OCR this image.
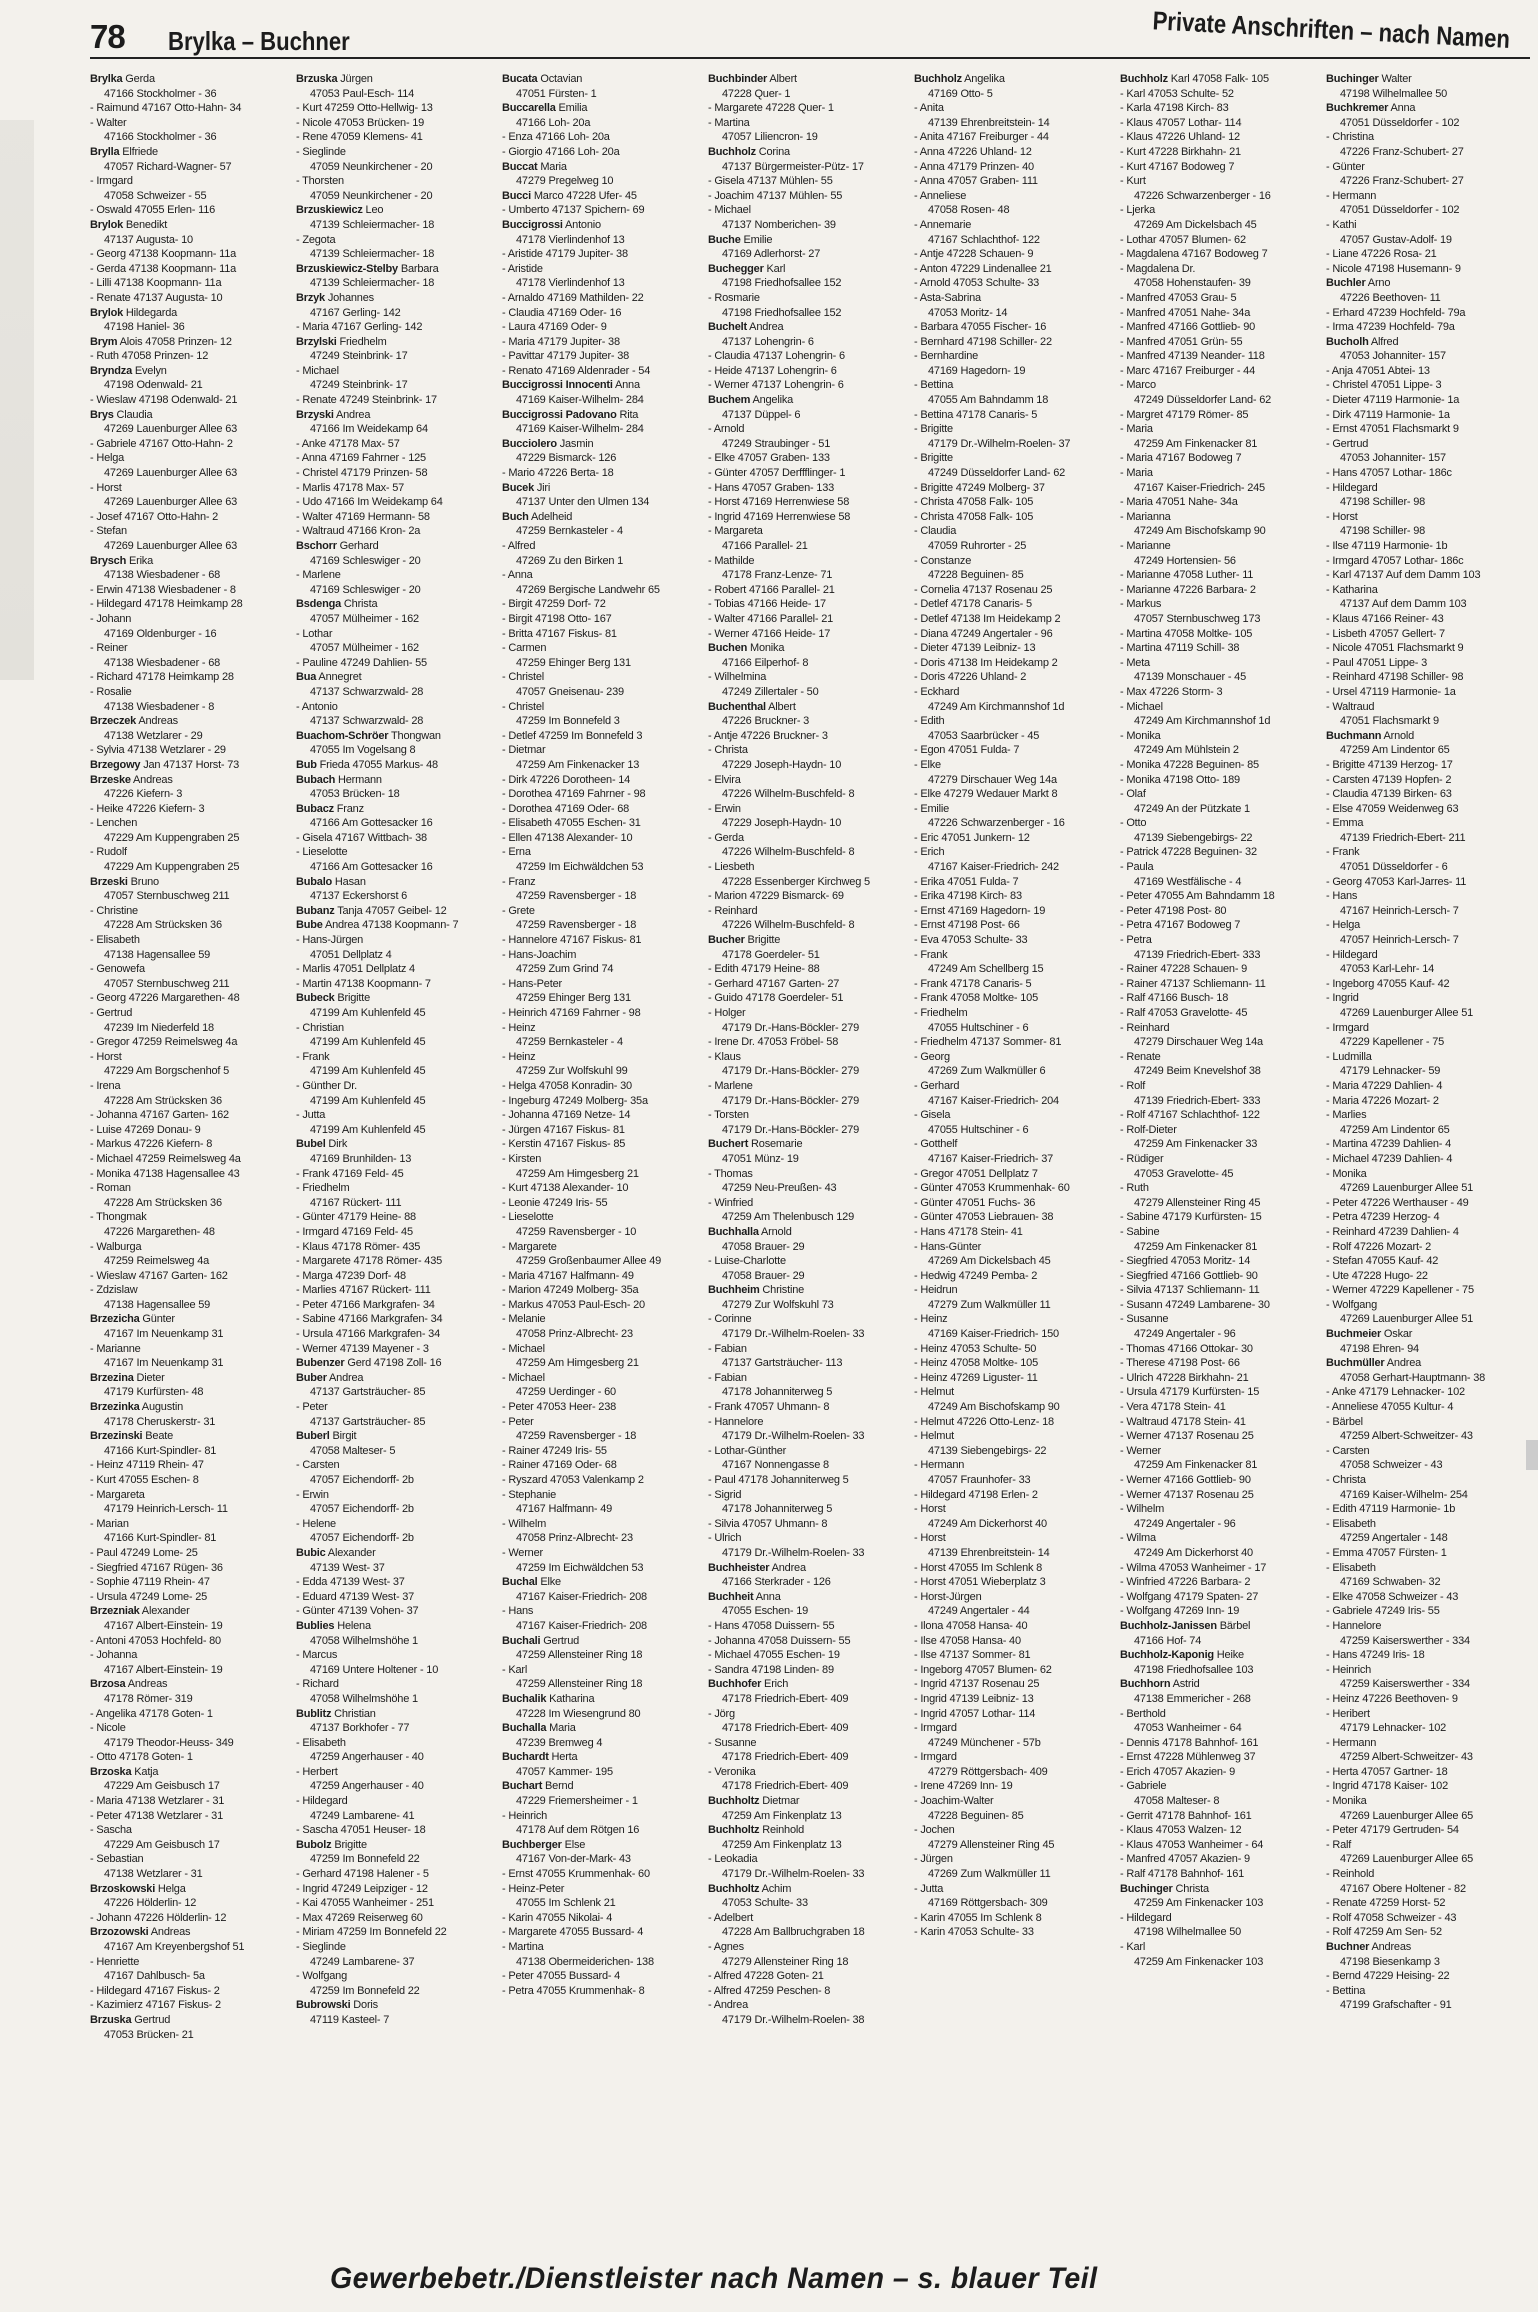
78 Brylka – Buchner	Private Anschriften – nach Namen
Brylka Gerda
47166 Stockholmer - 36
- Raimund 47167 Otto-Hahn- 34
- Walter
47166 Stockholmer - 36
Brylla Elfriede
47057 Richard-Wagner- 57
- Irmgard
47058 Schweizer - 55
- Oswald 47055 Erlen- 116
Brylok Benedikt
47137 Augusta- 10
- Georg 47138 Koopmann- 11a
- Gerda 47138 Koopmann- 11a
- Lilli 47138 Koopmann- 11a
- Renate 47137 Augusta- 10
Brylok Hildegarda
47198 Haniel- 36
Brym Alois 47058 Prinzen- 12
- Ruth 47058 Prinzen- 12
Bryndza Evelyn
47198 Odenwald- 21
- Wieslaw 47198 Odenwald- 21
Brys Claudia
47269 Lauenburger Allee 63
- Gabriele 47167 Otto-Hahn- 2
- Helga
47269 Lauenburger Allee 63
- Horst
47269 Lauenburger Allee 63
- Josef 47167 Otto-Hahn- 2
- Stefan
47269 Lauenburger Allee 63
Brysch Erika
47138 Wiesbadener - 68
- Erwin 47138 Wiesbadener - 8
- Hildegard 47178 Heimkamp 28
- Johann
47169 Oldenburger - 16
- Reiner
47138 Wiesbadener - 68
- Richard 47178 Heimkamp 28
- Rosalie
47138 Wiesbadener - 8
Brzeczek Andreas
47138 Wetzlarer - 29
- Sylvia 47138 Wetzlarer - 29
Brzegowy Jan 47137 Horst- 73
Brzeske Andreas
47226 Kiefern- 3
- Heike 47226 Kiefern- 3
- Lenchen
47229 Am Kuppengraben 25
- Rudolf
47229 Am Kuppengraben 25
Brzeski Bruno
47057 Sternbuschweg 211
- Christine
47228 Am Strücksken 36
- Elisabeth
47138 Hagensallee 59
- Genowefa
47057 Sternbuschweg 211
- Georg 47226 Margarethen- 48
- Gertrud
47239 Im Niederfeld 18
- Gregor 47259 Reimelsweg 4a
- Horst
47229 Am Borgschenhof 5
- Irena
47228 Am Strücksken 36
- Johanna 47167 Garten- 162
- Luise 47269 Donau- 9
- Markus 47226 Kiefern- 8
- Michael 47259 Reimelsweg 4a
- Monika 47138 Hagensallee 43
- Roman
47228 Am Strücksken 36
- Thongmak
47226 Margarethen- 48
- Walburga
47259 Reimelsweg 4a
- Wieslaw 47167 Garten- 162
- Zdzislaw
47138 Hagensallee 59
Brzezicha Günter
47167 Im Neuenkamp 31
- Marianne
47167 Im Neuenkamp 31
Brzezina Dieter
47179 Kurfürsten- 48
Brzezinka Augustin
47178 Cheruskerstr- 31
Brzezinski Beate
47166 Kurt-Spindler- 81
- Heinz 47119 Rhein- 47
- Kurt 47055 Eschen- 8
- Margareta
47179 Heinrich-Lersch- 11
- Marian
47166 Kurt-Spindler- 81
- Paul 47249 Lome- 25
- Siegfried 47167 Rügen- 36
- Sophie 47119 Rhein- 47
- Ursula 47249 Lome- 25
Brzezniak Alexander
47167 Albert-Einstein- 19
- Antoni 47053 Hochfeld- 80
- Johanna
47167 Albert-Einstein- 19
Brzosa Andreas
47178 Römer- 319
- Angelika 47178 Goten- 1
- Nicole
47179 Theodor-Heuss- 349
- Otto 47178 Goten- 1
Brzoska Katja
47229 Am Geisbusch 17
- Maria 47138 Wetzlarer - 31
- Peter 47138 Wetzlarer - 31
- Sascha
47229 Am Geisbusch 17
- Sebastian
47138 Wetzlarer - 31
Brzoskowski Helga
47226 Hölderlin- 12
- Johann 47226 Hölderlin- 12
Brzozowski Andreas
47167 Am Kreyenbergshof 51
- Henriette
47167 Dahlbusch- 5a
- Hildegard 47167 Fiskus- 2
- Kazimierz 47167 Fiskus- 2
Brzuska Gertrud
47053 Brücken- 21
Brzuska Jürgen
47053 Paul-Esch- 114
- Kurt 47259 Otto-Hellwig- 13
- Nicole 47053 Brücken- 19
- Rene 47059 Klemens- 41
- Sieglinde
47059 Neunkirchener - 20
- Thorsten
47059 Neunkirchener - 20
Brzuskiewicz Leo
47139 Schleiermacher- 18
- Zegota
47139 Schleiermacher- 18
Brzuskiewicz-Stelby Barbara
47139 Schleiermacher- 18
Brzyk Johannes
47167 Gerling- 142
- Maria 47167 Gerling- 142
Brzylski Friedhelm
47249 Steinbrink- 17
- Michael
47249 Steinbrink- 17
- Renate 47249 Steinbrink- 17
Brzyski Andrea
47166 Im Weidekamp 64
- Anke 47178 Max- 57
- Anna 47169 Fahrner - 125
- Christel 47179 Prinzen- 58
- Marlis 47178 Max- 57
- Udo 47166 Im Weidekamp 64
- Walter 47169 Hermann- 58
- Waltraud 47166 Kron- 2a
Bschorr Gerhard
47169 Schleswiger - 20
- Marlene
47169 Schleswiger - 20
Bsdenga Christa
47057 Mülheimer - 162
- Lothar
47057 Mülheimer - 162
- Pauline 47249 Dahlien- 55
Bua Annegret
47137 Schwarzwald- 28
- Antonio
47137 Schwarzwald- 28
Buachom-Schröer Thongwan
47055 Im Vogelsang 8
Bub Frieda 47055 Markus- 48
Bubach Hermann
47053 Brücken- 18
Bubacz Franz
47166 Am Gottesacker 16
- Gisela 47167 Wittbach- 38
- Lieselotte
47166 Am Gottesacker 16
Bubalo Hasan
47137 Eckershorst 6
Bubanz Tanja 47057 Geibel- 12
Bube Andrea 47138 Koopmann- 7
- Hans-Jürgen
47051 Dellplatz 4
- Marlis 47051 Dellplatz 4
- Martin 47138 Koopmann- 7
Bubeck Brigitte
47199 Am Kuhlenfeld 45
- Christian
47199 Am Kuhlenfeld 45
- Frank
47199 Am Kuhlenfeld 45
- Günther Dr.
47199 Am Kuhlenfeld 45
- Jutta
47199 Am Kuhlenfeld 45
Bubel Dirk
47169 Brunhilden- 13
- Frank 47169 Feld- 45
- Friedhelm
47167 Rückert- 111
- Günter 47179 Heine- 88
- Irmgard 47169 Feld- 45
- Klaus 47178 Römer- 435
- Margarete 47178 Römer- 435
- Marga 47239 Dorf- 48
- Marlies 47167 Rückert- 111
- Peter 47166 Markgrafen- 34
- Sabine 47166 Markgrafen- 34
- Ursula 47166 Markgrafen- 34
- Werner 47139 Mayener - 3
Bubenzer Gerd 47198 Zoll- 16
Buber Andrea
47137 Gartsträucher- 85
- Peter
47137 Gartsträucher- 85
Buberl Birgit
47058 Malteser- 5
- Carsten
47057 Eichendorff- 2b
- Erwin
47057 Eichendorff- 2b
- Helene
47057 Eichendorff- 2b
Bubic Alexander
47139 West- 37
- Edda 47139 West- 37
- Eduard 47139 West- 37
- Günter 47139 Vohen- 37
Bublies Helena
47058 Wilhelmshöhe 1
- Marcus
47169 Untere Holtener - 10
- Richard
47058 Wilhelmshöhe 1
Bublitz Christian
47137 Borkhofer - 77
- Elisabeth
47259 Angerhauser - 40
- Herbert
47259 Angerhauser - 40
- Hildegard
47249 Lambarene- 41
- Sascha 47051 Heuser- 18
Bubolz Brigitte
47259 Im Bonnefeld 22
- Gerhard 47198 Halener - 5
- Ingrid 47249 Leipziger - 12
- Kai 47055 Wanheimer - 251
- Max 47269 Reiserweg 60
- Miriam 47259 Im Bonnefeld 22
- Sieglinde
47249 Lambarene- 37
- Wolfgang
47259 Im Bonnefeld 22
Bubrowski Doris
47119 Kasteel- 7
Bucata Octavian
47051 Fürsten- 1
Buccarella Emilia
47166 Loh- 20a
- Enza 47166 Loh- 20a
- Giorgio 47166 Loh- 20a
Buccat Maria
47279 Pregelweg 10
Bucci Marco 47228 Ufer- 45
- Umberto 47137 Spichern- 69
Buccigrossi Antonio
47178 Vierlindenhof 13
- Aristide 47179 Jupiter- 38
- Aristide
47178 Vierlindenhof 13
- Arnaldo 47169 Mathilden- 22
- Claudia 47169 Oder- 16
- Laura 47169 Oder- 9
- Maria 47179 Jupiter- 38
- Pavittar 47179 Jupiter- 38
- Renato 47169 Aldenrader - 54
Buccigrossi Innocenti Anna
47169 Kaiser-Wilhelm- 284
Buccigrossi Padovano Rita
47169 Kaiser-Wilhelm- 284
Bucciolero Jasmin
47229 Bismarck- 126
- Mario 47226 Berta- 18
Bucek Jiri
47137 Unter den Ulmen 134
Buch Adelheid
47259 Bernkasteler - 4
- Alfred
47269 Zu den Birken 1
- Anna
47269 Bergische Landwehr 65
- Birgit 47259 Dorf- 72
- Birgit 47198 Otto- 167
- Britta 47167 Fiskus- 81
- Carmen
47259 Ehinger Berg 131
- Christel
47057 Gneisenau- 239
- Christel
47259 Im Bonnefeld 3
- Detlef 47259 Im Bonnefeld 3
- Dietmar
47259 Am Finkenacker 13
- Dirk 47226 Dorotheen- 14
- Dorothea 47169 Fahrner - 98
- Dorothea 47169 Oder- 68
- Elisabeth 47055 Eschen- 31
- Ellen 47138 Alexander- 10
- Erna
47259 Im Eichwäldchen 53
- Franz
47259 Ravensberger - 18
- Grete
47259 Ravensberger - 18
- Hannelore 47167 Fiskus- 81
- Hans-Joachim
47259 Zum Grind 74
- Hans-Peter
47259 Ehinger Berg 131
- Heinrich 47169 Fahrner - 98
- Heinz
47259 Bernkasteler - 4
- Heinz
47259 Zur Wolfskuhl 99
- Helga 47058 Konradin- 30
- Ingeburg 47249 Molberg- 35a
- Johanna 47169 Netze- 14
- Jürgen 47167 Fiskus- 81
- Kerstin 47167 Fiskus- 85
- Kirsten
47259 Am Himgesberg 21
- Kurt 47138 Alexander- 10
- Leonie 47249 Iris- 55
- Lieselotte
47259 Ravensberger - 10
- Margarete
47259 Großenbaumer Allee 49
- Maria 47167 Halfmann- 49
- Marion 47249 Molberg- 35a
- Markus 47053 Paul-Esch- 20
- Melanie
47058 Prinz-Albrecht- 23
- Michael
47259 Am Himgesberg 21
- Michael
47259 Uerdinger - 60
- Peter 47053 Heer- 238
- Peter
47259 Ravensberger - 18
- Rainer 47249 Iris- 55
- Rainer 47169 Oder- 68
- Ryszard 47053 Valenkamp 2
- Stephanie
47167 Halfmann- 49
- Wilhelm
47058 Prinz-Albrecht- 23
- Werner
47259 Im Eichwäldchen 53
Buchal Elke
47167 Kaiser-Friedrich- 208
- Hans
47167 Kaiser-Friedrich- 208
Buchali Gertrud
47259 Allensteiner Ring 18
- Karl
47259 Allensteiner Ring 18
Buchalik Katharina
47228 Im Wiesengrund 80
Buchalla Maria
47239 Bremweg 4
Buchardt Herta
47057 Kammer- 195
Buchart Bernd
47229 Friemersheimer - 1
- Heinrich
47178 Auf dem Rötgen 16
Buchberger Else
47167 Von-der-Mark- 43
- Ernst 47055 Krummenhak- 60
- Heinz-Peter
47055 Im Schlenk 21
- Karin 47055 Nikolai- 4
- Margarete 47055 Bussard- 4
- Martina
47138 Obermeiderichen- 138
- Peter 47055 Bussard- 4
- Petra 47055 Krummenhak- 8
Buchbinder Albert
47228 Quer- 1
- Margarete 47228 Quer- 1
- Martina
47057 Liliencron- 19
Buchholz Corina
47137 Bürgermeister-Pütz- 17
- Gisela 47137 Mühlen- 55
- Joachim 47137 Mühlen- 55
- Michael
47137 Nomberichen- 39
Buche Emilie
47169 Adlerhorst- 27
Buchegger Karl
47198 Friedhofsallee 152
- Rosmarie
47198 Friedhofsallee 152
Buchelt Andrea
47137 Lohengrin- 6
- Claudia 47137 Lohengrin- 6
- Heide 47137 Lohengrin- 6
- Werner 47137 Lohengrin- 6
Buchem Angelika
47137 Düppel- 6
- Arnold
47249 Straubinger - 51
- Elke 47057 Graben- 133
- Günter 47057 Derffflinger- 1
- Hans 47057 Graben- 133
- Horst 47169 Herrenwiese 58
- Ingrid 47169 Herrenwiese 58
- Margareta
47166 Parallel- 21
- Mathilde
47178 Franz-Lenze- 71
- Robert 47166 Parallel- 21
- Tobias 47166 Heide- 17
- Walter 47166 Parallel- 21
- Werner 47166 Heide- 17
Buchen Monika
47166 Eilperhof- 8
- Wilhelmina
47249 Zillertaler - 50
Buchenthal Albert
47226 Bruckner- 3
- Antje 47226 Bruckner- 3
- Christa
47229 Joseph-Haydn- 10
- Elvira
47226 Wilhelm-Buschfeld- 8
- Erwin
47229 Joseph-Haydn- 10
- Gerda
47226 Wilhelm-Buschfeld- 8
- Liesbeth
47228 Essenberger Kirchweg 5
- Marion 47229 Bismarck- 69
- Reinhard
47226 Wilhelm-Buschfeld- 8
Bucher Brigitte
47178 Goerdeler- 51
- Edith 47179 Heine- 88
- Gerhard 47167 Garten- 27
- Guido 47178 Goerdeler- 51
- Holger
47179 Dr.-Hans-Böckler- 279
- Irene Dr. 47053 Fröbel- 58
- Klaus
47179 Dr.-Hans-Böckler- 279
- Marlene
47179 Dr.-Hans-Böckler- 279
- Torsten
47179 Dr.-Hans-Böckler- 279
Buchert Rosemarie
47051 Münz- 19
- Thomas
47259 Neu-Preußen- 43
- Winfried
47259 Am Thelenbusch 129
Buchhalla Arnold
47058 Brauer- 29
- Luise-Charlotte
47058 Brauer- 29
Buchheim Christine
47279 Zur Wolfskuhl 73
- Corinne
47179 Dr.-Wilhelm-Roelen- 33
- Fabian
47137 Gartsträucher- 113
- Fabian
47178 Johanniterweg 5
- Frank 47057 Uhmann- 8
- Hannelore
47179 Dr.-Wilhelm-Roelen- 33
- Lothar-Günther
47167 Nonnengasse 8
- Paul 47178 Johanniterweg 5
- Sigrid
47178 Johanniterweg 5
- Silvia 47057 Uhmann- 8
- Ulrich
47179 Dr.-Wilhelm-Roelen- 33
Buchheister Andrea
47166 Sterkrader - 126
Buchheit Anna
47055 Eschen- 19
- Hans 47058 Duissern- 55
- Johanna 47058 Duissern- 55
- Michael 47055 Eschen- 19
- Sandra 47198 Linden- 89
Buchhofer Erich
47178 Friedrich-Ebert- 409
- Jörg
47178 Friedrich-Ebert- 409
- Susanne
47178 Friedrich-Ebert- 409
- Veronika
47178 Friedrich-Ebert- 409
Buchholtz Dietmar
47259 Am Finkenplatz 13
Buchholtz Reinhold
47259 Am Finkenplatz 13
- Leokadia
47179 Dr.-Wilhelm-Roelen- 33
Buchholtz Achim
47053 Schulte- 33
- Adelbert
47228 Am Ballbruchgraben 18
- Agnes
47279 Allensteiner Ring 18
- Alfred 47228 Goten- 21
- Alfred 47259 Peschen- 8
- Andrea
47179 Dr.-Wilhelm-Roelen- 38
Buchholz Angelika
47169 Otto- 5
- Anita
47139 Ehrenbreitstein- 14
- Anita 47167 Freiburger - 44
- Anna 47226 Uhland- 12
- Anna 47179 Prinzen- 40
- Anna 47057 Graben- 111
- Anneliese
47058 Rosen- 48
- Annemarie
47167 Schlachthof- 122
- Antje 47228 Schauen- 9
- Anton 47229 Lindenallee 21
- Arnold 47053 Schulte- 33
- Asta-Sabrina
47053 Moritz- 14
- Barbara 47055 Fischer- 16
- Bernhard 47198 Schiller- 22
- Bernhardine
47169 Hagedorn- 19
- Bettina
47055 Am Bahndamm 18
- Bettina 47178 Canaris- 5
- Brigitte
47179 Dr.-Wilhelm-Roelen- 37
- Brigitte
47249 Düsseldorfer Land- 62
- Brigitte 47249 Molberg- 37
- Christa 47058 Falk- 105
- Christa 47058 Falk- 105
- Claudia
47059 Ruhrorter - 25
- Constanze
47228 Beguinen- 85
- Cornelia 47137 Rosenau 25
- Detlef 47178 Canaris- 5
- Detlef 47138 Im Heidekamp 2
- Diana 47249 Angertaler - 96
- Dieter 47139 Leibniz- 13
- Doris 47138 Im Heidekamp 2
- Doris 47226 Uhland- 2
- Eckhard
47249 Am Kirchmannshof 1d
- Edith
47053 Saarbrücker - 45
- Egon 47051 Fulda- 7
- Elke
47279 Dirschauer Weg 14a
- Elke 47279 Wedauer Markt 8
- Emilie
47226 Schwarzenberger - 16
- Eric 47051 Junkern- 12
- Erich
47167 Kaiser-Friedrich- 242
- Erika 47051 Fulda- 7
- Erika 47198 Kirch- 83
- Ernst 47169 Hagedorn- 19
- Ernst 47198 Post- 66
- Eva 47053 Schulte- 33
- Frank
47249 Am Schellberg 15
- Frank 47178 Canaris- 5
- Frank 47058 Moltke- 105
- Friedhelm
47055 Hultschiner - 6
- Friedhelm 47137 Sommer- 81
- Georg
47269 Zum Walkmüller 6
- Gerhard
47167 Kaiser-Friedrich- 204
- Gisela
47055 Hultschiner - 6
- Gotthelf
47167 Kaiser-Friedrich- 37
- Gregor 47051 Dellplatz 7
- Günter 47053 Krummenhak- 60
- Günter 47051 Fuchs- 36
- Günter 47053 Liebrauen- 38
- Hans 47178 Stein- 41
- Hans-Günter
47269 Am Dickelsbach 45
- Hedwig 47249 Pemba- 2
- Heidrun
47279 Zum Walkmüller 11
- Heinz
47169 Kaiser-Friedrich- 150
- Heinz 47053 Schulte- 50
- Heinz 47058 Moltke- 105
- Heinz 47269 Liguster- 11
- Helmut
47249 Am Bischofskamp 90
- Helmut 47226 Otto-Lenz- 18
- Helmut
47139 Siebengebirgs- 22
- Hermann
47057 Fraunhofer- 33
- Hildegard 47198 Erlen- 2
- Horst
47249 Am Dickerhorst 40
- Horst
47139 Ehrenbreitstein- 14
- Horst 47055 Im Schlenk 8
- Horst 47051 Wieberplatz 3
- Horst-Jürgen
47249 Angertaler - 44
- Ilona 47058 Hansa- 40
- Ilse 47058 Hansa- 40
- Ilse 47137 Sommer- 81
- Ingeborg 47057 Blumen- 62
- Ingrid 47137 Rosenau 25
- Ingrid 47139 Leibniz- 13
- Ingrid 47057 Lothar- 114
- Irmgard
47249 Münchener - 57b
- Irmgard
47279 Röttgersbach- 409
- Irene 47269 Inn- 19
- Joachim-Walter
47228 Beguinen- 85
- Jochen
47279 Allensteiner Ring 45
- Jürgen
47269 Zum Walkmüller 11
- Jutta
47169 Röttgersbach- 309
- Karin 47055 Im Schlenk 8
- Karin 47053 Schulte- 33
Buchholz Karl 47058 Falk- 105
- Karl 47053 Schulte- 52
- Karla 47198 Kirch- 83
- Klaus 47057 Lothar- 114
- Klaus 47226 Uhland- 12
- Kurt 47228 Birkhahn- 21
- Kurt 47167 Bodoweg 7
- Kurt
47226 Schwarzenberger - 16
- Ljerka
47269 Am Dickelsbach 45
- Lothar 47057 Blumen- 62
- Magdalena 47167 Bodoweg 7
- Magdalena Dr.
47058 Hohenstaufen- 39
- Manfred 47053 Grau- 5
- Manfred 47051 Nahe- 34a
- Manfred 47166 Gottlieb- 90
- Manfred 47051 Grün- 55
- Manfred 47139 Neander- 118
- Marc 47167 Freiburger - 44
- Marco
47249 Düsseldorfer Land- 62
- Margret 47179 Römer- 85
- Maria
47259 Am Finkenacker 81
- Maria 47167 Bodoweg 7
- Maria
47167 Kaiser-Friedrich- 245
- Maria 47051 Nahe- 34a
- Marianna
47249 Am Bischofskamp 90
- Marianne
47249 Hortensien- 56
- Marianne 47058 Luther- 11
- Marianne 47226 Barbara- 2
- Markus
47057 Sternbuschweg 173
- Martina 47058 Moltke- 105
- Martina 47119 Schill- 38
- Meta
47139 Monschauer - 45
- Max 47226 Storm- 3
- Michael
47249 Am Kirchmannshof 1d
- Monika
47249 Am Mühlstein 2
- Monika 47228 Beguinen- 85
- Monika 47198 Otto- 189
- Olaf
47249 An der Pützkate 1
- Otto
47139 Siebengebirgs- 22
- Patrick 47228 Beguinen- 32
- Paula
47169 Westfälische - 4
- Peter 47055 Am Bahndamm 18
- Peter 47198 Post- 80
- Petra 47167 Bodoweg 7
- Petra
47139 Friedrich-Ebert- 333
- Rainer 47228 Schauen- 9
- Rainer 47137 Schliemann- 11
- Ralf 47166 Busch- 18
- Ralf 47053 Gravelotte- 45
- Reinhard
47279 Dirschauer Weg 14a
- Renate
47249 Beim Knevelshof 38
- Rolf
47139 Friedrich-Ebert- 333
- Rolf 47167 Schlachthof- 122
- Rolf-Dieter
47259 Am Finkenacker 33
- Rüdiger
47053 Gravelotte- 45
- Ruth
47279 Allensteiner Ring 45
- Sabine 47179 Kurfürsten- 15
- Sabine
47259 Am Finkenacker 81
- Siegfried 47053 Moritz- 14
- Siegfried 47166 Gottlieb- 90
- Silvia 47137 Schliemann- 11
- Susann 47249 Lambarene- 30
- Susanne
47249 Angertaler - 96
- Thomas 47166 Ottokar- 30
- Therese 47198 Post- 66
- Ulrich 47228 Birkhahn- 21
- Ursula 47179 Kurfürsten- 15
- Vera 47178 Stein- 41
- Waltraud 47178 Stein- 41
- Werner 47137 Rosenau 25
- Werner
47259 Am Finkenacker 81
- Werner 47166 Gottlieb- 90
- Werner 47137 Rosenau 25
- Wilhelm
47249 Angertaler - 96
- Wilma
47249 Am Dickerhorst 40
- Wilma 47053 Wanheimer - 17
- Winfried 47226 Barbara- 2
- Wolfgang 47179 Spaten- 27
- Wolfgang 47269 Inn- 19
Buchholz-Janissen Bärbel
47166 Hof- 74
Buchholz-Kaponig Heike
47198 Friedhofsallee 103
Buchhorn Astrid
47138 Emmericher - 268
- Berthold
47053 Wanheimer - 64
- Dennis 47178 Bahnhof- 161
- Ernst 47228 Mühlenweg 37
- Erich 47057 Akazien- 9
- Gabriele
47058 Malteser- 8
- Gerrit 47178 Bahnhof- 161
- Klaus 47053 Walzen- 12
- Klaus 47053 Wanheimer - 64
- Manfred 47057 Akazien- 9
- Ralf 47178 Bahnhof- 161
Buchinger Christa
47259 Am Finkenacker 103
- Hildegard
47198 Wilhelmallee 50
- Karl
47259 Am Finkenacker 103
Buchinger Walter
47198 Wilhelmallee 50
Buchkremer Anna
47051 Düsseldorfer - 102
- Christina
47226 Franz-Schubert- 27
- Günter
47226 Franz-Schubert- 27
- Hermann
47051 Düsseldorfer - 102
- Kathi
47057 Gustav-Adolf- 19
- Liane 47226 Rosa- 21
- Nicole 47198 Husemann- 9
Buchler Arno
47226 Beethoven- 11
- Erhard 47239 Hochfeld- 79a
- Irma 47239 Hochfeld- 79a
Bucholh Alfred
47053 Johanniter- 157
- Anja 47051 Abtei- 13
- Christel 47051 Lippe- 3
- Dieter 47119 Harmonie- 1a
- Dirk 47119 Harmonie- 1a
- Ernst 47051 Flachsmarkt 9
- Gertrud
47053 Johanniter- 157
- Hans 47057 Lothar- 186c
- Hildegard
47198 Schiller- 98
- Horst
47198 Schiller- 98
- Ilse 47119 Harmonie- 1b
- Irmgard 47057 Lothar- 186c
- Karl 47137 Auf dem Damm 103
- Katharina
47137 Auf dem Damm 103
- Klaus 47166 Reiner- 43
- Lisbeth 47057 Gellert- 7
- Nicole 47051 Flachsmarkt 9
- Paul 47051 Lippe- 3
- Reinhard 47198 Schiller- 98
- Ursel 47119 Harmonie- 1a
- Waltraud
47051 Flachsmarkt 9
Buchmann Arnold
47259 Am Lindentor 65
- Brigitte 47139 Herzog- 17
- Carsten 47139 Hopfen- 2
- Claudia 47139 Birken- 63
- Else 47059 Weidenweg 63
- Emma
47139 Friedrich-Ebert- 211
- Frank
47051 Düsseldorfer - 6
- Georg 47053 Karl-Jarres- 11
- Hans
47167 Heinrich-Lersch- 7
- Helga
47057 Heinrich-Lersch- 7
- Hildegard
47053 Karl-Lehr- 14
- Ingeborg 47055 Kauf- 42
- Ingrid
47269 Lauenburger Allee 51
- Irmgard
47229 Kapellener - 75
- Ludmilla
47179 Lehnacker- 59
- Maria 47229 Dahlien- 4
- Maria 47226 Mozart- 2
- Marlies
47259 Am Lindentor 65
- Martina 47239 Dahlien- 4
- Michael 47239 Dahlien- 4
- Monika
47269 Lauenburger Allee 51
- Peter 47226 Werthauser - 49
- Petra 47239 Herzog- 4
- Reinhard 47239 Dahlien- 4
- Rolf 47226 Mozart- 2
- Stefan 47055 Kauf- 42
- Ute 47228 Hugo- 22
- Werner 47229 Kapellener - 75
- Wolfgang
47269 Lauenburger Allee 51
Buchmeier Oskar
47198 Ehren- 94
Buchmüller Andrea
47058 Gerhart-Hauptmann- 38
- Anke 47179 Lehnacker- 102
- Anneliese 47055 Kultur- 4
- Bärbel
47259 Albert-Schweitzer- 43
- Carsten
47058 Schweizer - 43
- Christa
47169 Kaiser-Wilhelm- 254
- Edith 47119 Harmonie- 1b
- Elisabeth
47259 Angertaler - 148
- Emma 47057 Fürsten- 1
- Elisabeth
47169 Schwaben- 32
- Elke 47058 Schweizer - 43
- Gabriele 47249 Iris- 55
- Hannelore
47259 Kaiserswerther - 334
- Hans 47249 Iris- 18
- Heinrich
47259 Kaiserswerther - 334
- Heinz 47226 Beethoven- 9
- Heribert
47179 Lehnacker- 102
- Hermann
47259 Albert-Schweitzer- 43
- Herta 47057 Gartner- 18
- Ingrid 47178 Kaiser- 102
- Monika
47269 Lauenburger Allee 65
- Peter 47179 Gertruden- 54
- Ralf
47269 Lauenburger Allee 65
- Reinhold
47167 Obere Holtener - 82
- Renate 47259 Horst- 52
- Rolf 47058 Schweizer - 43
- Rolf 47259 Am Sen- 52
Buchner Andreas
47198 Biesenkamp 3
- Bernd 47229 Heising- 22
- Bettina
47199 Grafschafter - 91
Gewerbebetr./Dienstleister nach Namen – s. blauer Teil
